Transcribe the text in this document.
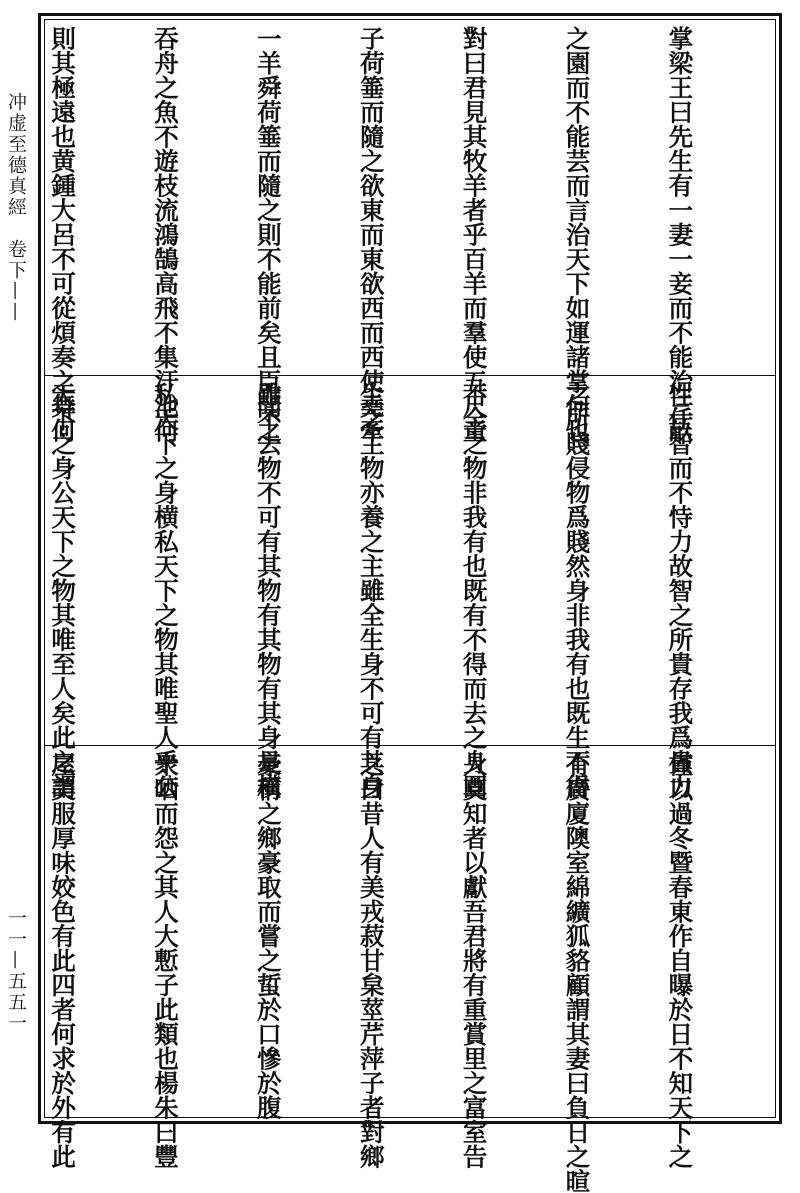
冲虚至德真經　卷下——
一一—五五一

掌梁王曰先生有一妻一妾而不能治三畝

之園而不能芸而言治天下如運諸掌何也

對曰君見其牧羊者乎百羊而羣使五尺童

子荷箠而隨之欲東而東欲西而西使堯牽

一羊舜荷箠而隨之則不能前矣且臣聞之

吞舟之魚不遊枝流鴻鵠高飛不集汙池何

則其極遠也黄鍾大呂不可從煩奏之舞何

性任智而不恃力故智之所貴存我爲貴力

之所賤侵物爲賤然身非我有也既生不得

不全之物非我有也既有不得而去之身固

生之主物亦養之主雖全生身不可有其身

雖不去物不可有其物有其物有其身是横

私天下之身横私天下之物其唯聖人乎公

天下之身公天下之物其唯至人矣此之謂

僅以過冬暨春東作自曝於日不知天下之

有廣廈隩室綿纊狐貉顧謂其妻曰負日之暄

人莫知者以獻吾君將有重賞里之富室告

之曰昔人有美戎菽甘枲莖芹萍子者對鄉

豪稱之鄉豪取而嘗之蜇於口慘於腹

衆哂而怨之其人大慙子此類也楊朱曰豐

屋美服厚味姣色有此四者何求於外有此
